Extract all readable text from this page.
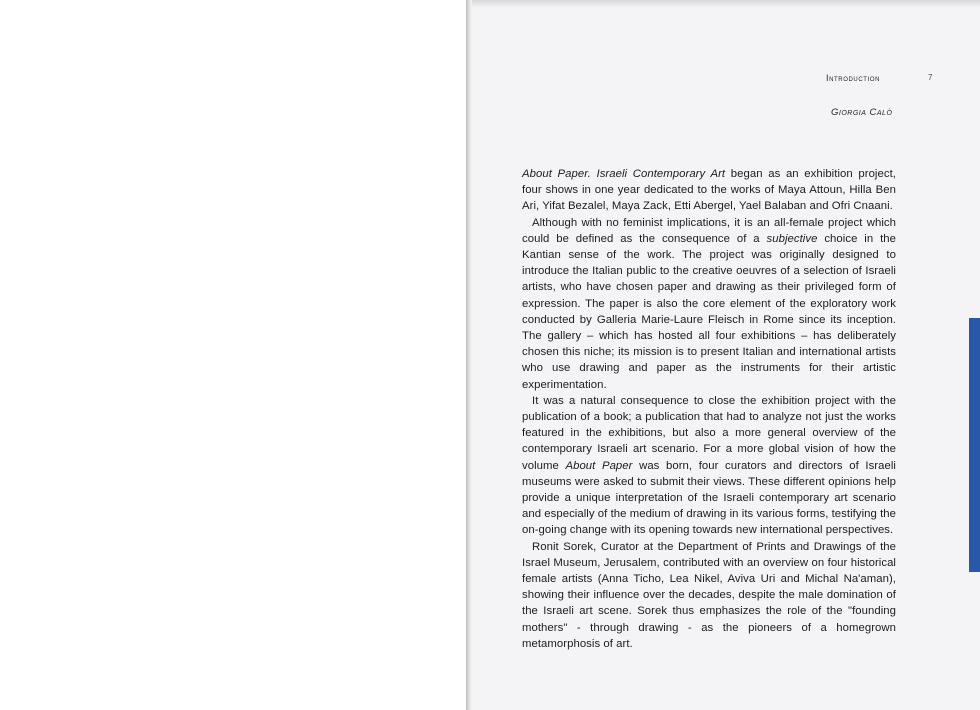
Introduction	7
Giorgia Calò

About Paper. Israeli Contemporary Art began as an exhibition project, four shows in one year dedicated to the works of Maya Attoun, Hilla Ben Ari, Yifat Bezalel, Maya Zack, Etti Abergel, Yael Balaban and Ofri Cnaani.

Although with no feminist implications, it is an all-female project which could be defined as the consequence of a subjective choice in the Kantian sense of the work. The project was originally designed to introduce the Italian public to the creative oeuvres of a selection of Israeli artists, who have chosen paper and drawing as their privileged form of expression. The paper is also the core element of the exploratory work conducted by Galleria Marie-Laure Fleisch in Rome since its inception. The gallery – which has hosted all four exhibitions – has deliberately chosen this niche; its mission is to present Italian and international artists who use drawing and paper as the instruments for their artistic experimentation.

It was a natural consequence to close the exhibition project with the publication of a book; a publication that had to analyze not just the works featured in the exhibitions, but also a more general overview of the contemporary Israeli art scenario. For a more global vision of how the volume About Paper was born, four curators and directors of Israeli museums were asked to submit their views. These different opinions help provide a unique interpretation of the Israeli contemporary art scenario and especially of the medium of drawing in its various forms, testifying the on-going change with its opening towards new international perspectives.

Ronit Sorek, Curator at the Department of Prints and Drawings of the Israel Museum, Jerusalem, contributed with an overview on four historical female artists (Anna Ticho, Lea Nikel, Aviva Uri and Michal Na'aman), showing their influence over the decades, despite the male domination of the Israeli art scene. Sorek thus emphasizes the role of the "founding mothers" - through drawing - as the pioneers of a homegrown metamorphosis of art.
